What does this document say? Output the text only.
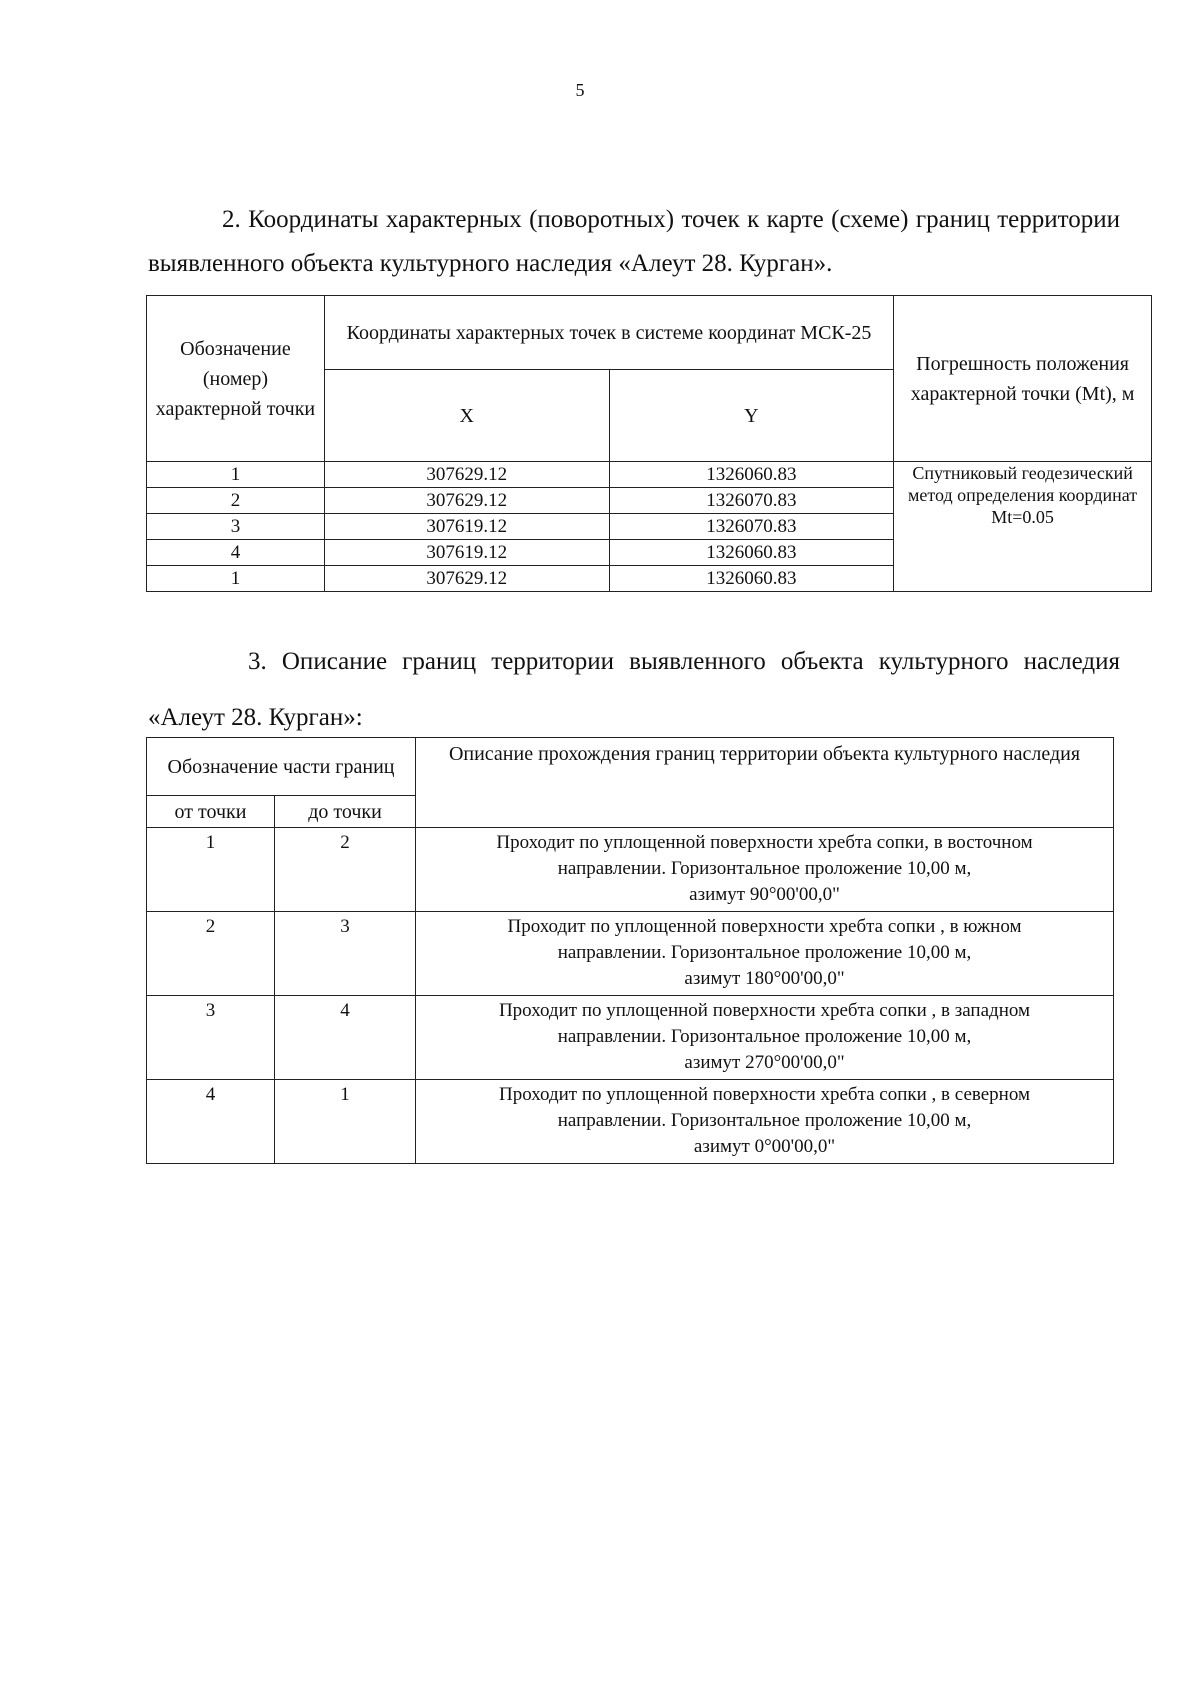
5
2. Координаты характерных (поворотных) точек к карте (схеме) границ территории выявленного объекта культурного наследия «Алеут 28. Курган».
Обозначение (номер) характерной точки	Координаты характерных точек в системе координат МСК-25		Погрешность положения характерной точки (Mt), м
	X	Y	
1	307629.12	1326060.83	Спутниковый геодезический метод определения координат Mt=0.05
2	307629.12	1326070.83	
3	307619.12	1326070.83	
4	307619.12	1326060.83	
1	307629.12	1326060.83	
3. Описание границ территории выявленного объекта культурного наследия «Алеут 28. Курган»:
Обозначение части границ		Описание прохождения границ территории объекта культурного наследия
от точки	до точки	
1	2	Проходит по уплощенной поверхности хребта сопки, в восточном
направлении. Горизонтальное проложение 10,00 м,
азимут 90°00'00,0"

2	3	Проходит по уплощенной поверхности хребта сопки , в южном
направлении. Горизонтальное проложение 10,00 м,
азимут 180°00'00,0"

3	4	Проходит по уплощенной поверхности хребта сопки , в западном
направлении. Горизонтальное проложение 10,00 м,
азимут 270°00'00,0"

4	1	Проходит по уплощенной поверхности хребта сопки , в северном
направлении. Горизонтальное проложение 10,00 м,
азимут 0°00'00,0"
